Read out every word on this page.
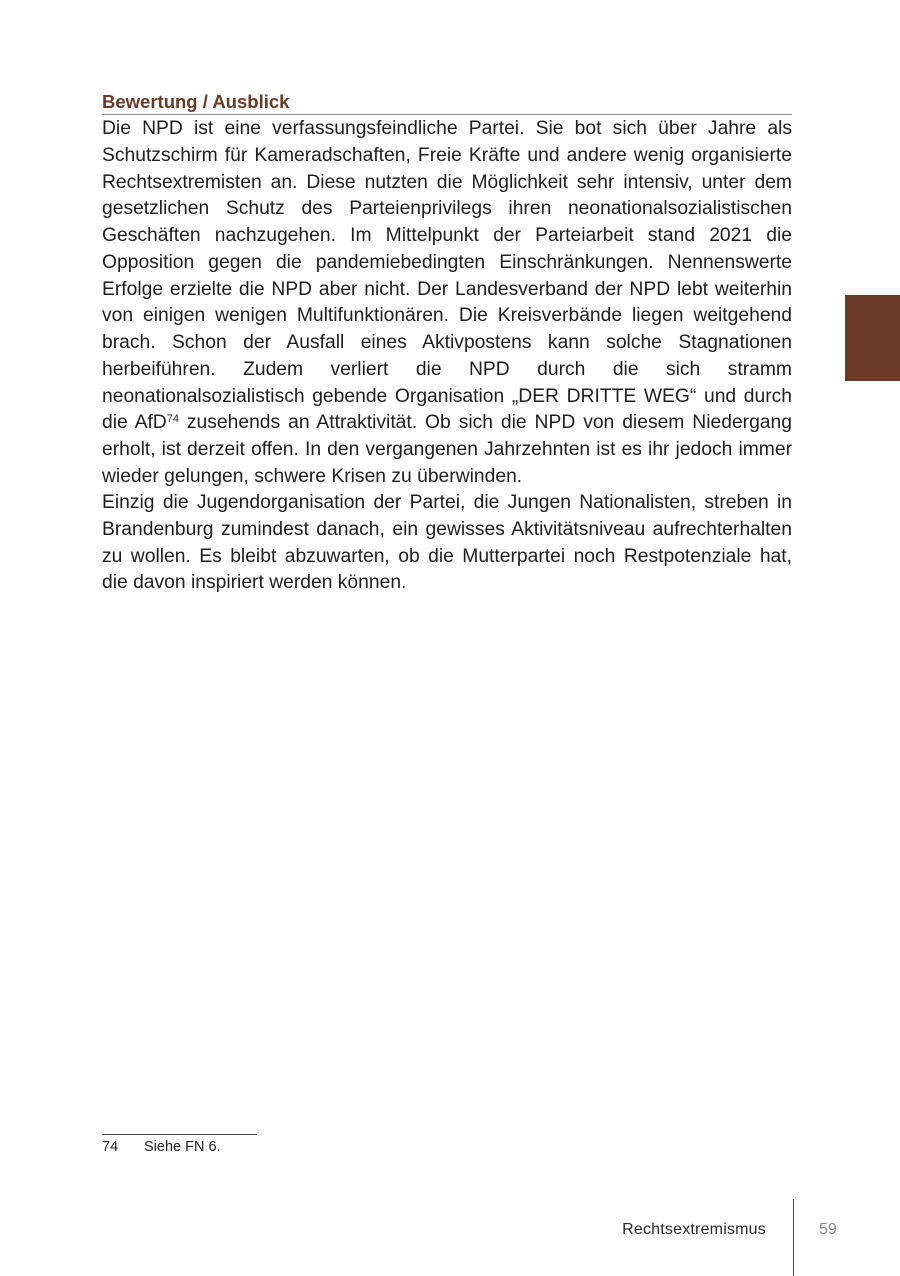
Bewertung / Ausblick

Die NPD ist eine verfassungsfeindliche Partei. Sie bot sich über Jahre als Schutzschirm für Kameradschaften, Freie Kräfte und andere wenig organisierte Rechtsextremisten an. Diese nutzten die Möglichkeit sehr intensiv, unter dem gesetzlichen Schutz des Parteienprivilegs ihren neonationalsozialistischen Geschäften nachzugehen. Im Mittelpunkt der Parteiarbeit stand 2021 die Opposition gegen die pandemiebedingten Einschränkungen. Nennenswerte Erfolge erzielte die NPD aber nicht. Der Landesverband der NPD lebt weiterhin von einigen wenigen Multifunktionären. Die Kreisverbände liegen weitgehend brach. Schon der Ausfall eines Aktivpostens kann solche Stagnationen herbeiführen. Zudem verliert die NPD durch die sich stramm neonationalsozialistisch gebende Organisation „DER DRITTE WEG“ und durch die AfD$^{74}$ zusehends an Attraktivität. Ob sich die NPD von diesem Niedergang erholt, ist derzeit offen. In den vergangenen Jahrzehnten ist es ihr jedoch immer wieder gelungen, schwere Krisen zu überwinden.

Einzig die Jugendorganisation der Partei, die Jungen Nationalisten, streben in Brandenburg zumindest danach, ein gewisses Aktivitätsniveau aufrechterhalten zu wollen. Es bleibt abzuwarten, ob die Mutterpartei noch Restpotenziale hat, die davon inspiriert werden können.

74 Siehe FN 6.
Rechtsextremismus	59
